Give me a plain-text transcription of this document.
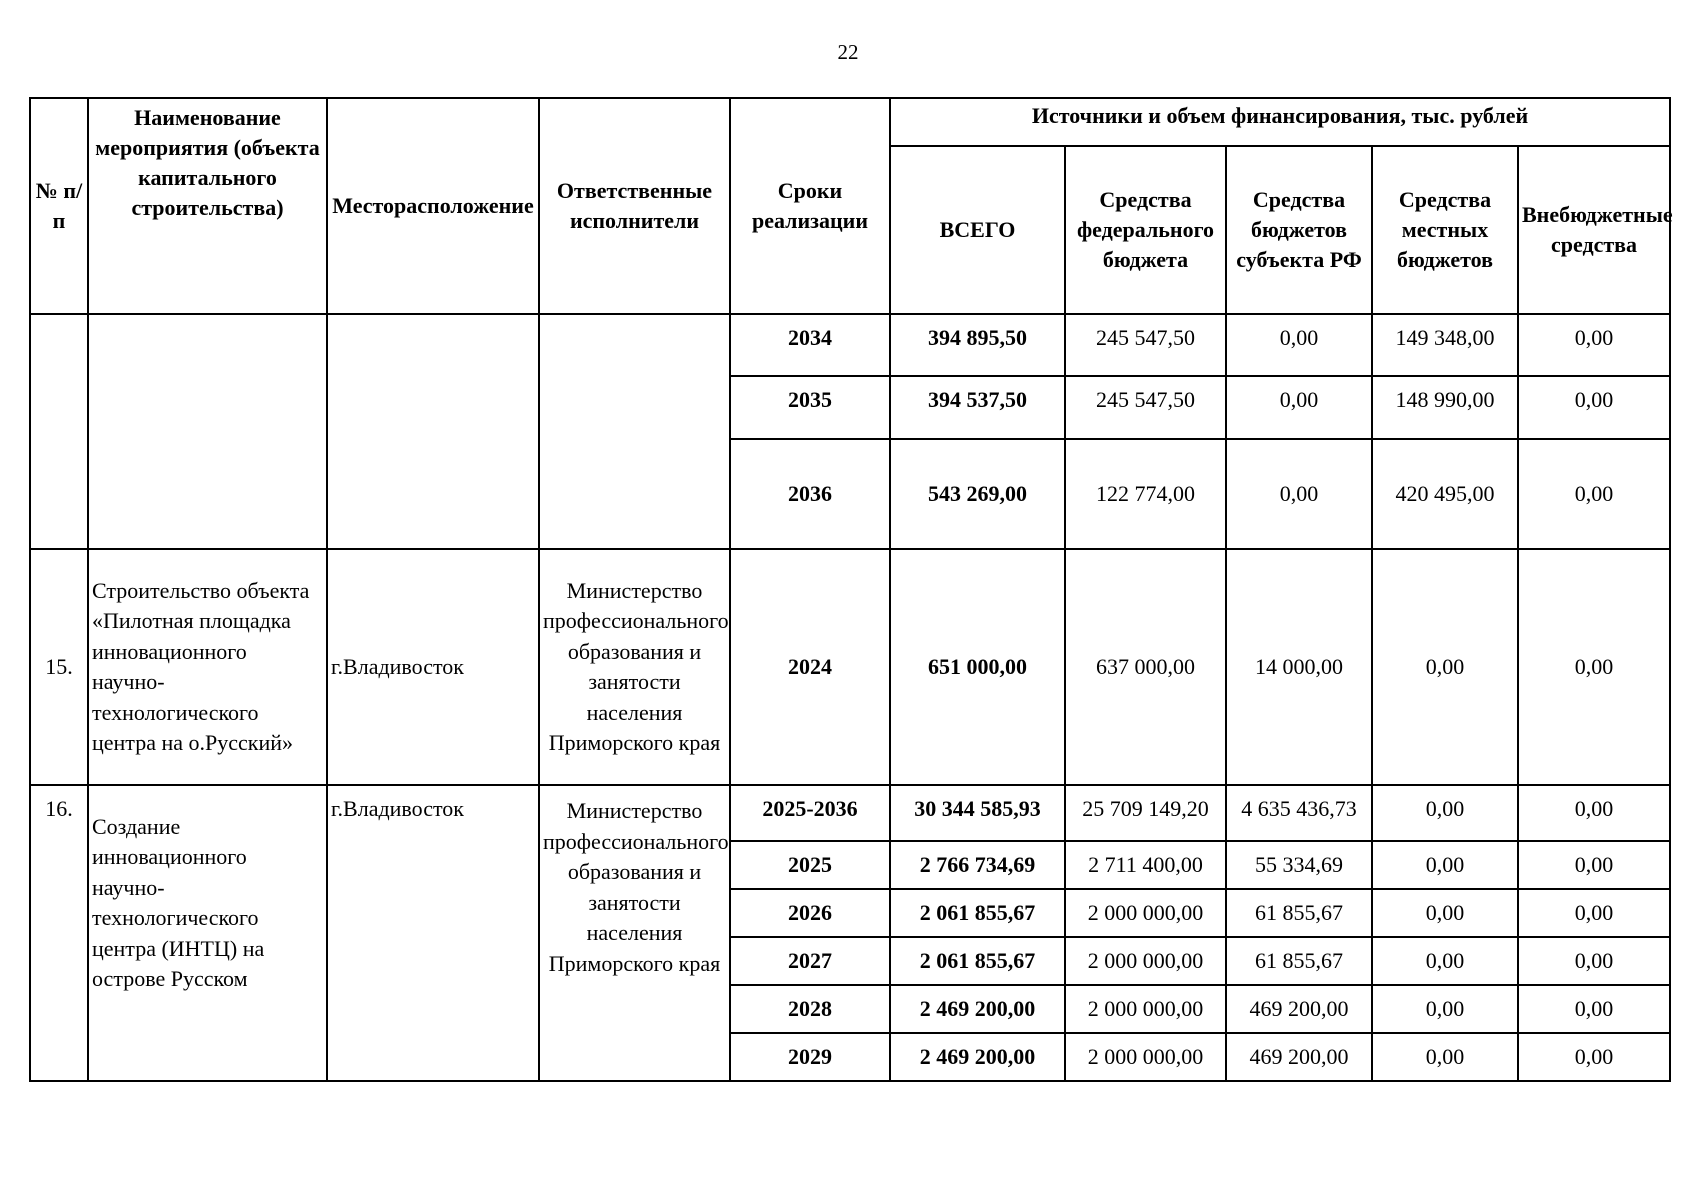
22
№ п/п	Наименование мероприятия (объекта капитального строительства)	Месторасположение	Ответственные исполнители	Сроки реализации	Источники и объем финансирования, тыс. рублей				
					ВСЕГО	Средства федерального бюджета	Средства бюджетов субъекта РФ	Средства местных бюджетов	Внебюджетные средства
				2034	394 895,50	245 547,50	0,00	149 348,00	0,00
				2035	394 537,50	245 547,50	0,00	148 990,00	0,00
				2036	543 269,00	122 774,00	0,00	420 495,00	0,00
15.	Строительство объекта «Пилотная площадка инновационного научно-технологического центра на о.Русский»	г.Владивосток	Министерство профессионального образования и занятости населения Приморского края	2024	651 000,00	637 000,00	14 000,00	0,00	0,00
16.	Создание инновационного научно-технологического центра (ИНТЦ) на острове Русском	г.Владивосток	Министерство профессионального образования и занятости населения Приморского края	2025-2036	30 344 585,93	25 709 149,20	4 635 436,73	0,00	0,00
				2025	2 766 734,69	2 711 400,00	55 334,69	0,00	0,00
				2026	2 061 855,67	2 000 000,00	61 855,67	0,00	0,00
				2027	2 061 855,67	2 000 000,00	61 855,67	0,00	0,00
				2028	2 469 200,00	2 000 000,00	469 200,00	0,00	0,00
				2029	2 469 200,00	2 000 000,00	469 200,00	0,00	0,00
